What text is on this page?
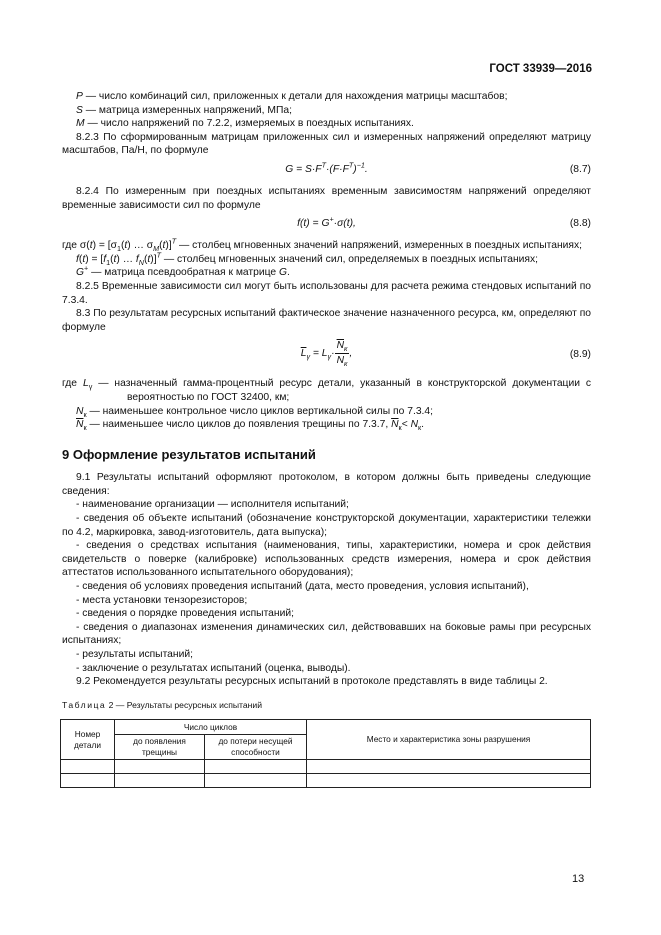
ГОСТ 33939—2016

P — число комбинаций сил, приложенных к детали для нахождения матрицы масштабов;

S — матрица измеренных напряжений, МПа;

M — число напряжений по 7.2.2, измеряемых в поездных испытаниях.

8.2.3 По сформированным матрицам приложенных сил и измеренных напряжений определяют матрицу масштабов, Па/Н, по формуле

$G = S\cdot F^T\cdot(F\cdot F^T)^{-1}$.	(8.7)

8.2.4 По измеренным при поездных испытаниях временным зависимостям напряжений определяют временные зависимости сил по формуле

f(t) = G+·σ(t),	(8.8)

где $\sigma(t) = [\sigma_1(t)$ … $\sigma_M(t)]^T$ — столбец мгновенных значений напряжений, измеренных в поездных испытаниях;

$f(t) = [f_1(t)$ … $f_N(t)]^T$ — столбец мгновенных значений сил, определяемых в поездных испытаниях;

G+ — матрица псевдообратная к матрице G.

8.2.5 Временные зависимости сил могут быть использованы для расчета режима стендовых испытаний по 7.3.4.

8.3 По результатам ресурсных испытаний фактическое значение назначенного ресурса, км, определяют по формуле

$\overline{L}_\gamma = L_\gamma\cdot \frac{\overline{N}_к}{N_к}$ ,	(8.9)

где $L_\gamma$ — назначенный гамма-процентный ресурс детали, указанный в конструкторской документации с вероятностью по ГОСТ 32400, км;

$N_к$ — наименьшее контрольное число циклов вертикальной силы по 7.3.4;

$\overline{N}_к$ — наименьшее число циклов до появления трещины по 7.3.7, $\overline{N}_к< N_к$.

9 Оформление результатов испытаний

9.1 Результаты испытаний оформляют протоколом, в котором должны быть приведены следующие сведения:

- наименование организации — исполнителя испытаний;

- сведения об объекте испытаний (обозначение конструкторской документации, характеристики тележки по 4.2, маркировка, завод-изготовитель, дата выпуска);

- сведения о средствах испытания (наименования, типы, характеристики, номера и срок действия свидетельств о поверке (калибровке) использованных средств измерения, номера и срок действия аттестатов использованного испытательного оборудования);

- сведения об условиях проведения испытаний (дата, место проведения, условия испытаний),

- места установки тензорезисторов;

- сведения о порядке проведения испытаний;

- сведения о диапазонах изменения динамических сил, действовавших на боковые рамы при ресурсных испытаниях;

- результаты испытаний;

- заключение о результатах испытаний (оценка, выводы).

9.2 Рекомендуется результаты ресурсных испытаний в протоколе представлять в виде таблицы 2.

Таблица 2 — Результаты ресурсных испытаний
Номер детали	Число циклов		Место и характеристика зоны разрушения
	до появления трещины	до потери несущей способности	

13
